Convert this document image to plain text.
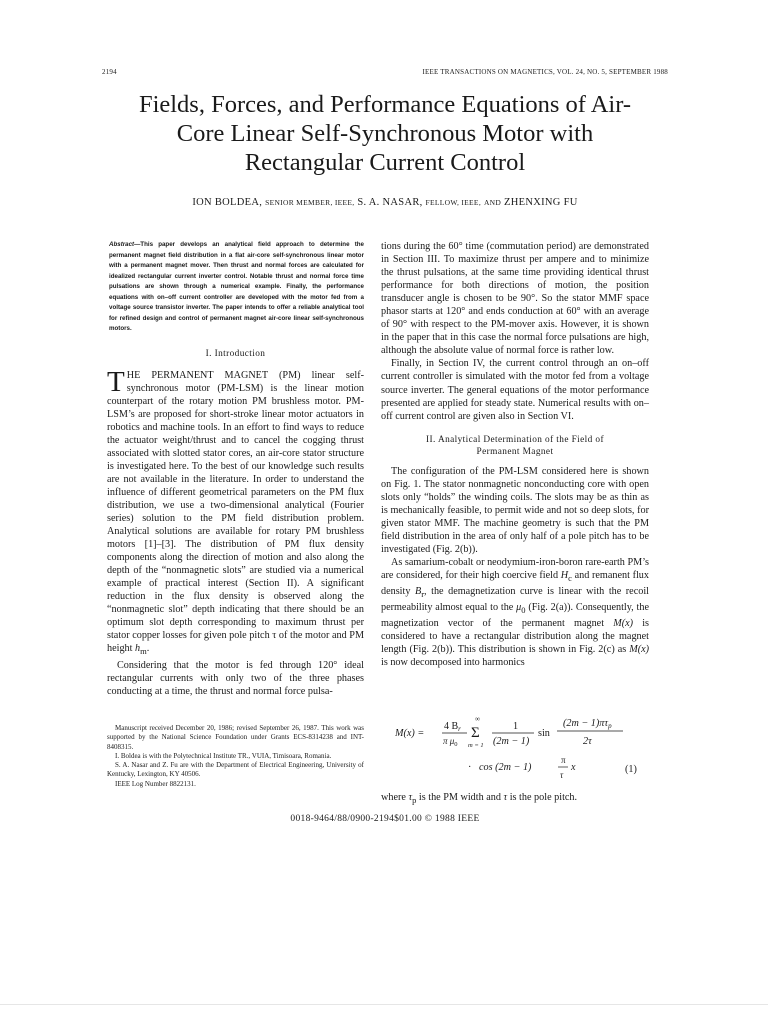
2194	IEEE TRANSACTIONS ON MAGNETICS, VOL. 24, NO. 5, SEPTEMBER 1988
Fields, Forces, and Performance Equations of Air-
Core Linear Self-Synchronous Motor with
Rectangular Current Control
ION BOLDEA, SENIOR MEMBER, IEEE, S. A. NASAR, FELLOW, IEEE, AND ZHENXING FU
Abstract—This paper develops an analytical field approach to determine the permanent magnet field distribution in a flat air-core self-synchronous linear motor with a permanent magnet mover. Then thrust and normal forces are calculated for idealized rectangular current inverter control. Notable thrust and normal force time pulsations are shown through a numerical example. Finally, the performance equations with on–off current controller are developed with the motor fed from a voltage source transistor inverter. The paper intends to offer a reliable analytical tool for refined design and control of permanent magnet air-core linear self-synchronous motors.
I. Introduction

THE PERMANENT MAGNET (PM) linear self-synchronous motor (PM-LSM) is the linear motion counterpart of the rotary motion PM brushless motor. PM-LSM’s are proposed for short-stroke linear motor actuators in robotics and machine tools. In an effort to find ways to reduce the actuator weight/thrust and to cancel the cogging thrust associated with slotted stator cores, an air-core stator structure is investigated here. To the best of our knowledge such results are not available in the literature. In order to understand the influence of different geometrical parameters on the PM flux distribution, we use a two-dimensional analytical (Fourier series) solution to the PM field distribution problem. Analytical solutions are available for rotary PM brushless motors [1]–[3]. The distribution of PM flux density components along the direction of motion and also along the depth of the “nonmagnetic slots” are studied via a numerical example of practical interest (Section II). A significant reduction in the flux density is observed along the “nonmagnetic slot” depth indicating that there should be an optimum slot depth corresponding to maximum thrust per stator copper losses for given pole pitch τ of the motor and PM height $h_m$.

Considering that the motor is fed through 120° ideal rectangular currents with only two of the three phases conducting at a time, the thrust and normal force pulsa-

Manuscript received December 20, 1986; revised September 26, 1987. This work was supported by the National Science Foundation under Grants ECS-8314238 and INT-8408315.

I. Boldea is with the Polytechnical Institute TR., VUIA, Timisoara, Romania.

S. A. Nasar and Z. Fu are with the Department of Electrical Engineering, University of Kentucky, Lexington, KY 40506.

IEEE Log Number 8822131.

tions during the 60° time (commutation period) are demonstrated in Section III. To maximize thrust per ampere and to minimize the thrust pulsations, at the same time providing identical thrust performance for both directions of motion, the position transducer angle is chosen to be 90°. So the stator MMF space phasor starts at 120° and ends conduction at 60° with an average of 90° with respect to the PM-mover axis. However, it is shown in the paper that in this case the normal force pulsations are high, although the absolute value of normal force is rather low.

Finally, in Section IV, the current control through an on–off current controller is simulated with the motor fed from a voltage source inverter. The general equations of the motor performance presented are applied for steady state. Numerical results with on–off current control are given also in Section VI.

II. Analytical Determination of the Field of
Permanent Magnet

The configuration of the PM-LSM considered here is shown on Fig. 1. The stator nonmagnetic nonconducting core with open slots only “holds” the winding coils. The slots may be as thin as is mechanically feasible, to permit wide and not so deep slots, for given stator MMF. The machine geometry is such that the PM field distribution in the area of only half of a pole pitch has to be investigated (Fig. 2(b)).

As samarium-cobalt or neodymium-iron-boron rare-earth PM’s are considered, for their high coercive field $H_c$ and remanent flux density $B_r$, the demagnetization curve is linear with the recoil permeability almost equal to the $\mu_0$ (Fig. 2(a)). Consequently, the magnetization vector of the permanent magnet M(x) is considered to have a rectangular distribution along the magnet length (Fig. 2(b)). This distribution is shown in Fig. 2(c) as M(x) is now decomposed into harmonics

M(x) =
4 $B_r$
π $\mu_0$
∞
Σ
m = 1
1
(2m − 1)
sin
(2m − 1)πτp
2τ
· cos (2m − 1)
π
τ
x	(1)
where $\tau_p$ is the PM width and τ is the pole pitch.
0018-9464/88/0900-2194$01.00 © 1988 IEEE
